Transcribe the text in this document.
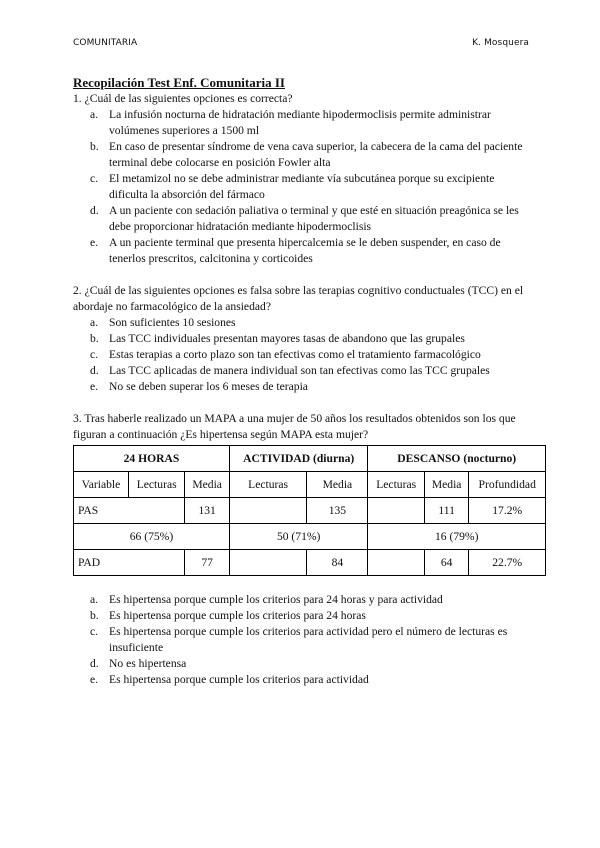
COMUNITARIA	K. Mosquera
Recopilación Test Enf. Comunitaria II

1. ¿Cuál de las siguientes opciones es correcta?

a. La infusión nocturna de hidratación mediante hipodermoclisis permite administrar volúmenes superiores a 1500 ml
b. En caso de presentar síndrome de vena cava superior, la cabecera de la cama del paciente terminal debe colocarse en posición Fowler alta
c. El metamizol no se debe administrar mediante vía subcutánea porque su excipiente dificulta la absorción del fármaco
d. A un paciente con sedación paliativa o terminal y que esté en situación preagónica se les debe proporcionar hidratación mediante hipodermoclisis
e. A un paciente terminal que presenta hipercalcemia se le deben suspender, en caso de tenerlos prescritos, calcitonina y corticoides

2. ¿Cuál de las siguientes opciones es falsa sobre las terapias cognitivo conductuales (TCC) en el abordaje no farmacológico de la ansiedad?

a. Son suficientes 10 sesiones
b. Las TCC individuales presentan mayores tasas de abandono que las grupales
c. Estas terapias a corto plazo son tan efectivas como el tratamiento farmacológico
d. Las TCC aplicadas de manera individual son tan efectivas como las TCC grupales
e. No se deben superar los 6 meses de terapia

3. Tras haberle realizado un MAPA a una mujer de 50 años los resultados obtenidos son los que figuran a continuación ¿Es hipertensa según MAPA esta mujer?

24 HORAS			ACTIVIDAD (diurna)		DESCANSO (nocturno)		
Variable	Lecturas	Media	Lecturas	Media	Lecturas	Media	Profundidad
PAS		131		135		111	17.2%
66 (75%)			50 (71%)		16 (79%)		
PAD		77		84		64	22.7%
a. Es hipertensa porque cumple los criterios para 24 horas y para actividad
b. Es hipertensa porque cumple los criterios para 24 horas
c. Es hipertensa porque cumple los criterios para actividad pero el número de lecturas es insuficiente
d. No es hipertensa
e. Es hipertensa porque cumple los criterios para actividad
